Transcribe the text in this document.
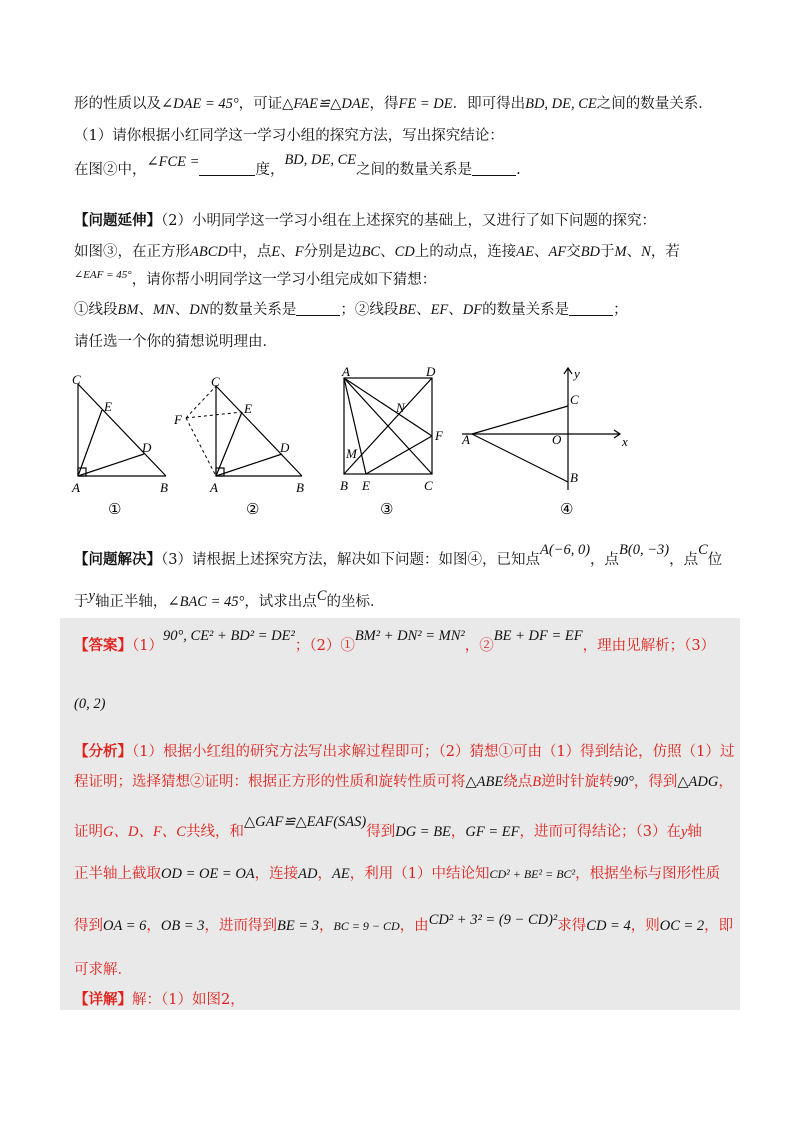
形的性质以及∠DAE = 45°，可证△FAE≌△DAE，得FE = DE．即可得出BD, DE, CE之间的数量关系．
（1）请你根据小红同学这一学习小组的探究方法，写出探究结论：
在图②中，∠FCE =	度，BD, DE, CE之间的数量关系是	.
【问题延伸】（2）小明同学这一学习小组在上述探究的基础上，又进行了如下问题的探究：
如图③，在正方形ABCD中，点E、F分别是边BC、CD上的动点，连接AE、AF交BD于M、N，若
$^{\angle EAF = 45^\circ}$，请你帮小明同学这一学习小组完成如下猜想：
①线段BM、MN、DN的数量关系是	；②线段BE、EF、DF的数量关系是	；
请任选一个你的猜想说明理由．
C
E
D
A	B
①
C
F
E
D
A	B
②
A	D
N
F
M
B E	C
③
y
C
A	O	x
B
④
【问题解决】（3）请根据上述探究方法，解决如下问题：如图④，已知点A(−6, 0)，点B(0, −3)，点C位
于y轴正半轴，∠BAC = 45°，试求出点C的坐标．
【答案】（1）90°, CE² + BD² = DE²；（2）①BM² + DN² = MN²，②BE + DF = EF，理由见解析；（3）
(0, 2)
【分析】（1）根据小红组的研究方法写出求解过程即可；（2）猜想①可由（1）得到结论，仿照（1）过
程证明；选择猜想②证明：根据正方形的性质和旋转性质可将△ABE绕点B逆时针旋转90°，得到△ADG，
证明G、D、F、C共线，和△GAF≌△EAF(SAS)得到DG = BE，GF = EF，进而可得结论；（3）在y轴
正半轴上截取OD = OE = OA，连接AD，AE，利用（1）中结论知CD² + BE² = BC²，根据坐标与图形性质
得到OA = 6，OB = 3，进而得到BE = 3，BC = 9 − CD，由CD² + 3² = (9 − CD)²求得CD = 4，则OC = 2，即
可求解．
【详解】解：（1）如图2，
